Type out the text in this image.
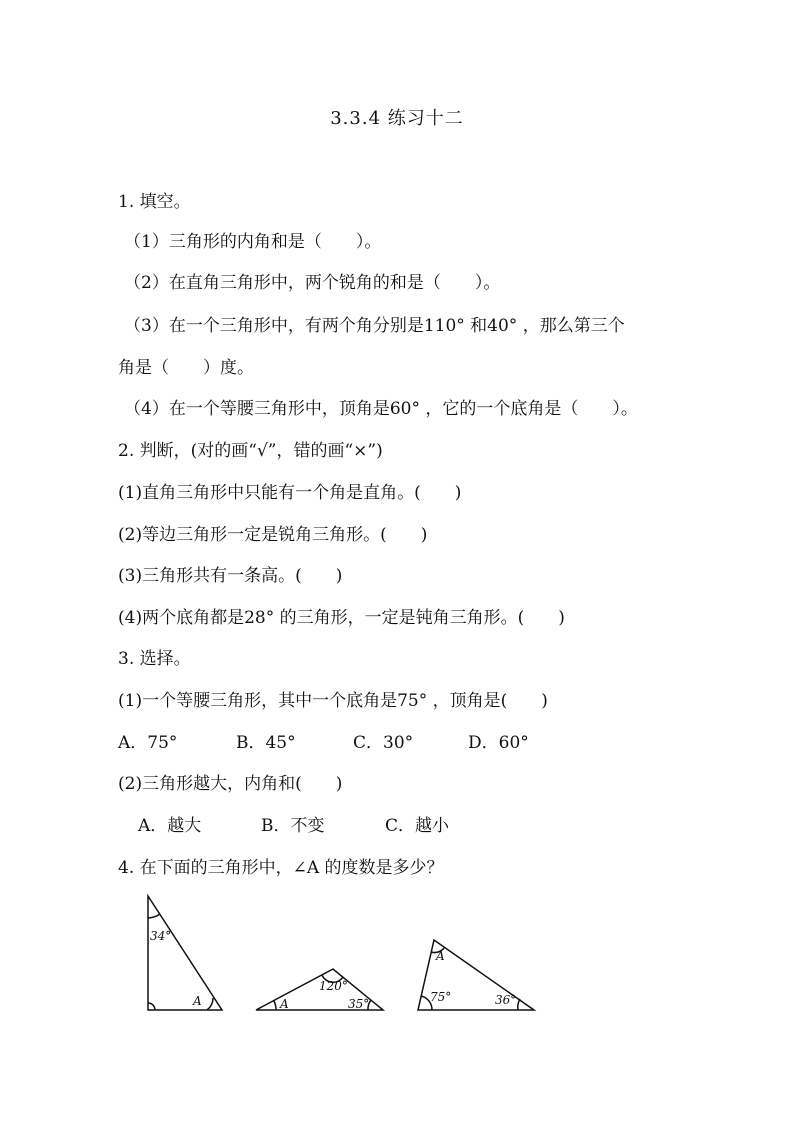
3.3.4 练习十二
1. 填空。
（1）三角形的内角和是（　　）。
（2）在直角三角形中，两个锐角的和是（　　）。
（3）在一个三角形中，有两个角分别是110° 和40° ，那么第三个
角是（　　）度。
（4）在一个等腰三角形中，顶角是60° ，它的一个底角是（　　）。
2. 判断，(对的画“√”，错的画“×”)
(1)直角三角形中只能有一个角是直角。(　　)
(2)等边三角形一定是锐角三角形。(　　)
(3)三角形共有一条高。(　　)
(4)两个底角都是28° 的三角形，一定是钝角三角形。(　　)
3. 选择。
(1)一个等腰三角形，其中一个底角是75° ，顶角是(　　)
A．75°	B．45°	C．30°	D．60°
(2)三角形越大，内角和(　　)
A．越大	B．不变	C．越小
4. 在下面的三角形中，∠A 的度数是多少？
34°
A	A
120°
35°
A
75°	36°
